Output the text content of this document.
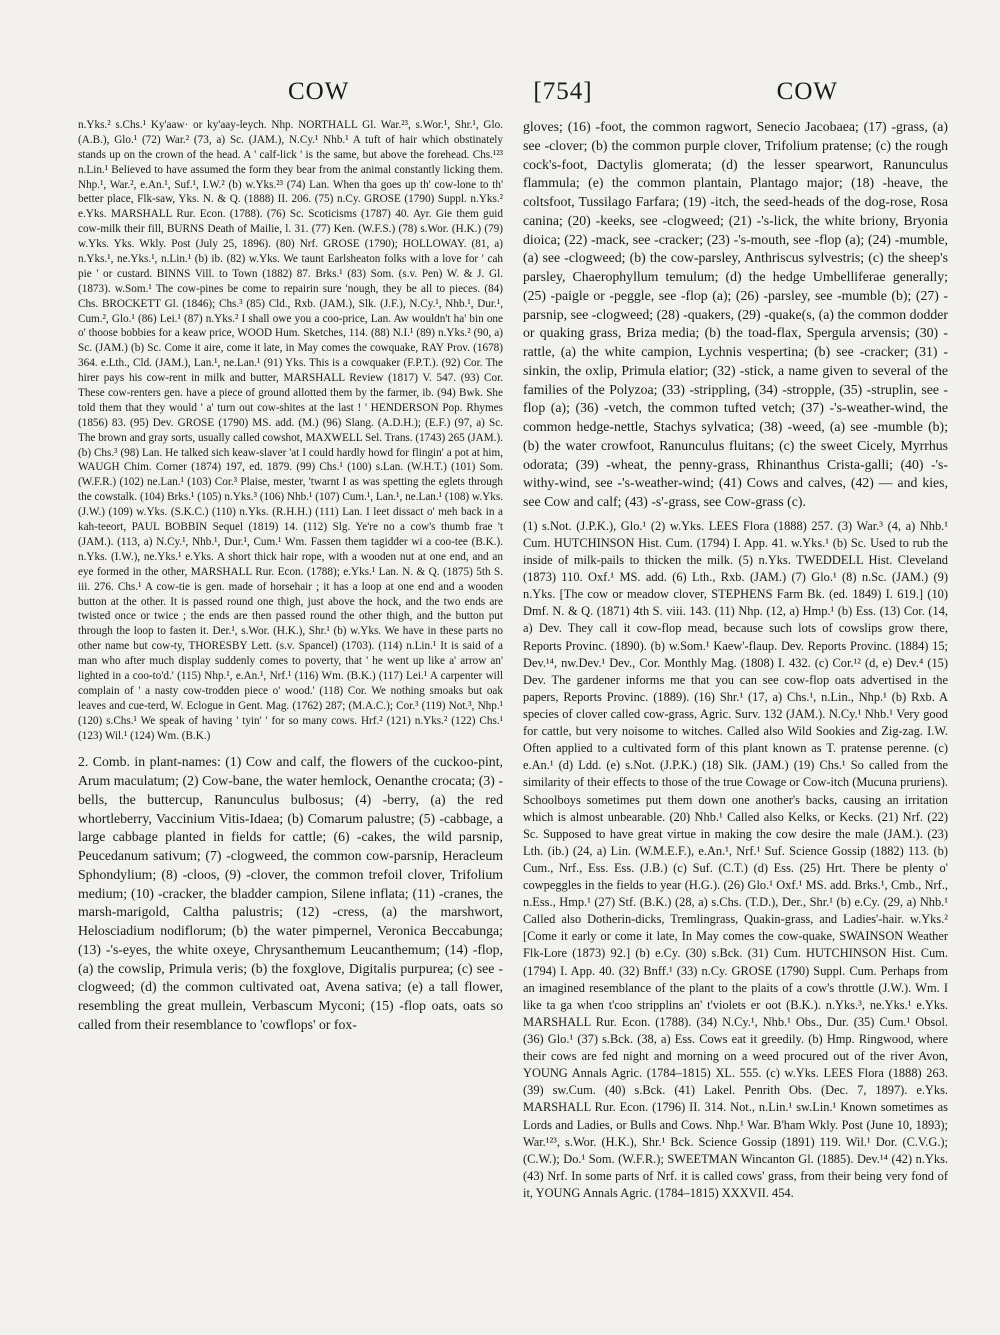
COW	[754]	COW

n.Yks.² s.Chs.¹ Ky'aaw· or ky'aay-leych. Nhp. NORTHALL Gl. War.²³, s.Wor.¹, Shr.¹, Glo. (A.B.), Glo.¹ (72) War.² (73, a) Sc. (JAM.), N.Cy.¹ Nhb.¹ A tuft of hair which obstinately stands up on the crown of the head. A ' calf-lick ' is the same, but above the forehead. Chs.¹²³ n.Lin.¹ Believed to have assumed the form they bear from the animal constantly licking them. Nhp.¹, War.², e.An.¹, Suf.¹, I.W.² (b) w.Yks.²³ (74) Lan. When tha goes up th' cow-lone to th' better place, Flk-saw, Yks. N. & Q. (1888) II. 206. (75) n.Cy. GROSE (1790) Suppl. n.Yks.² e.Yks. MARSHALL Rur. Econ. (1788). (76) Sc. Scoticisms (1787) 40. Ayr. Gie them guid cow-milk their fill, BURNS Death of Mailie, l. 31. (77) Ken. (W.F.S.) (78) s.Wor. (H.K.) (79) w.Yks. Yks. Wkly. Post (July 25, 1896). (80) Nrf. GROSE (1790); HOLLOWAY. (81, a) n.Yks.¹, ne.Yks.¹, n.Lin.¹ (b) ib. (82) w.Yks. We taunt Earlsheaton folks with a love for ' cah pie ' or custard. BINNS Vill. to Town (1882) 87. Brks.¹ (83) Som. (s.v. Pen) W. & J. Gl. (1873). w.Som.¹ The cow-pines be come to repairin sure 'nough, they be all to pieces. (84) Chs. BROCKETT Gl. (1846); Chs.³ (85) Cld., Rxb. (JAM.), Slk. (J.F.), N.Cy.¹, Nhb.¹, Dur.¹, Cum.², Glo.¹ (86) Lei.¹ (87) n.Yks.² I shall owe you a coo-price, Lan. Aw wouldn't ha' bin one o' thoose bobbies for a keaw price, WOOD Hum. Sketches, 114. (88) N.I.¹ (89) n.Yks.² (90, a) Sc. (JAM.) (b) Sc. Come it aire, come it late, in May comes the cowquake, RAY Prov. (1678) 364. e.Lth., Cld. (JAM.), Lan.¹, ne.Lan.¹ (91) Yks. This is a cowquaker (F.P.T.). (92) Cor. The hirer pays his cow-rent in milk and butter, MARSHALL Review (1817) V. 547. (93) Cor. These cow-renters gen. have a piece of ground allotted them by the farmer, ib. (94) Bwk. She told them that they would ' a' turn out cow-shites at the last ! ' HENDERSON Pop. Rhymes (1856) 83. (95) Dev. GROSE (1790) MS. add. (M.) (96) Slang. (A.D.H.); (E.F.) (97, a) Sc. The brown and gray sorts, usually called cowshot, MAXWELL Sel. Trans. (1743) 265 (JAM.). (b) Chs.³ (98) Lan. He talked sich keaw-slaver 'at I could hardly howd for flingin' a pot at him, WAUGH Chim. Corner (1874) 197, ed. 1879. (99) Chs.¹ (100) s.Lan. (W.H.T.) (101) Som. (W.F.R.) (102) ne.Lan.¹ (103) Cor.³ Plaise, mester, 'twarnt I as was spetting the eglets through the cowstalk. (104) Brks.¹ (105) n.Yks.³ (106) Nhb.¹ (107) Cum.¹, Lan.¹, ne.Lan.¹ (108) w.Yks. (J.W.) (109) w.Yks. (S.K.C.) (110) n.Yks. (R.H.H.) (111) Lan. I leet dissact o' meh back in a kah-teeort, PAUL BOBBIN Sequel (1819) 14. (112) Slg. Ye're no a cow's thumb frae 't (JAM.). (113, a) N.Cy.¹, Nhb.¹, Dur.¹, Cum.¹ Wm. Fassen them tagidder wi a coo-tee (B.K.). n.Yks. (I.W.), ne.Yks.¹ e.Yks. A short thick hair rope, with a wooden nut at one end, and an eye formed in the other, MARSHALL Rur. Econ. (1788); e.Yks.¹ Lan. N. & Q. (1875) 5th S. iii. 276. Chs.¹ A cow-tie is gen. made of horsehair ; it has a loop at one end and a wooden button at the other. It is passed round one thigh, just above the hock, and the two ends are twisted once or twice ; the ends are then passed round the other thigh, and the button put through the loop to fasten it. Der.¹, s.Wor. (H.K.), Shr.¹ (b) w.Yks. We have in these parts no other name but cow-ty, THORESBY Lett. (s.v. Spancel) (1703). (114) n.Lin.¹ It is said of a man who after much display suddenly comes to poverty, that ' he went up like a' arrow an' lighted in a coo-to'd.' (115) Nhp.¹, e.An.¹, Nrf.¹ (116) Wm. (B.K.) (117) Lei.¹ A carpenter will complain of ' a nasty cow-trodden piece o' wood.' (118) Cor. We nothing smoaks but oak leaves and cue-terd, W. Eclogue in Gent. Mag. (1762) 287; (M.A.C.); Cor.³ (119) Not.³, Nhp.¹ (120) s.Chs.¹ We speak of having ' tyin' ' for so many cows. Hrf.² (121) n.Yks.² (122) Chs.¹ (123) Wil.¹ (124) Wm. (B.K.)

2. Comb. in plant-names: (1) Cow and calf, the flowers of the cuckoo-pint, Arum maculatum; (2) Cow-bane, the water hemlock, Oenanthe crocata; (3) -bells, the buttercup, Ranunculus bulbosus; (4) -berry, (a) the red whortleberry, Vaccinium Vitis-Idaea; (b) Comarum palustre; (5) -cabbage, a large cabbage planted in fields for cattle; (6) -cakes, the wild parsnip, Peucedanum sativum; (7) -clogweed, the common cow-parsnip, Heracleum Sphondylium; (8) -cloos, (9) -clover, the common trefoil clover, Trifolium medium; (10) -cracker, the bladder campion, Silene inflata; (11) -cranes, the marsh-marigold, Caltha palustris; (12) -cress, (a) the marshwort, Helosciadium nodiflorum; (b) the water pimpernel, Veronica Beccabunga; (13) -'s-eyes, the white oxeye, Chrysanthemum Leucanthemum; (14) -flop, (a) the cowslip, Primula veris; (b) the foxglove, Digitalis purpurea; (c) see -clogweed; (d) the common cultivated oat, Avena sativa; (e) a tall flower, resembling the great mullein, Verbascum Myconi; (15) -flop oats, oats so called from their resemblance to 'cowflops' or fox-

gloves; (16) -foot, the common ragwort, Senecio Jacobaea; (17) -grass, (a) see -clover; (b) the common purple clover, Trifolium pratense; (c) the rough cock's-foot, Dactylis glomerata; (d) the lesser spearwort, Ranunculus flammula; (e) the common plantain, Plantago major; (18) -heave, the coltsfoot, Tussilago Farfara; (19) -itch, the seed-heads of the dog-rose, Rosa canina; (20) -keeks, see -clogweed; (21) -'s-lick, the white briony, Bryonia dioica; (22) -mack, see -cracker; (23) -'s-mouth, see -flop (a); (24) -mumble, (a) see -clogweed; (b) the cow-parsley, Anthriscus sylvestris; (c) the sheep's parsley, Chaerophyllum temulum; (d) the hedge Umbelliferae generally; (25) -paigle or -peggle, see -flop (a); (26) -parsley, see -mumble (b); (27) -parsnip, see -clogweed; (28) -quakers, (29) -quake(s, (a) the common dodder or quaking grass, Briza media; (b) the toad-flax, Spergula arvensis; (30) -rattle, (a) the white campion, Lychnis vespertina; (b) see -cracker; (31) -sinkin, the oxlip, Primula elatior; (32) -stick, a name given to several of the families of the Polyzoa; (33) -strippling, (34) -stropple, (35) -struplin, see -flop (a); (36) -vetch, the common tufted vetch; (37) -'s-weather-wind, the common hedge-nettle, Stachys sylvatica; (38) -weed, (a) see -mumble (b); (b) the water crowfoot, Ranunculus fluitans; (c) the sweet Cicely, Myrrhus odorata; (39) -wheat, the penny-grass, Rhinanthus Crista-galli; (40) -'s-withy-wind, see -'s-weather-wind; (41) Cows and calves, (42) — and kies, see Cow and calf; (43) -s'-grass, see Cow-grass (c).

(1) s.Not. (J.P.K.), Glo.¹ (2) w.Yks. LEES Flora (1888) 257. (3) War.³ (4, a) Nhb.¹ Cum. HUTCHINSON Hist. Cum. (1794) I. App. 41. w.Yks.¹ (b) Sc. Used to rub the inside of milk-pails to thicken the milk. (5) n.Yks. TWEDDELL Hist. Cleveland (1873) 110. Oxf.¹ MS. add. (6) Lth., Rxb. (JAM.) (7) Glo.¹ (8) n.Sc. (JAM.) (9) n.Yks. [The cow or meadow clover, STEPHENS Farm Bk. (ed. 1849) I. 619.] (10) Dmf. N. & Q. (1871) 4th S. viii. 143. (11) Nhp. (12, a) Hmp.¹ (b) Ess. (13) Cor. (14, a) Dev. They call it cow-flop mead, because such lots of cowslips grow there, Reports Provinc. (1890). (b) w.Som.¹ Kaew'-flaup. Dev. Reports Provinc. (1884) 15; Dev.¹⁴, nw.Dev.¹ Dev., Cor. Monthly Mag. (1808) I. 432. (c) Cor.¹² (d, e) Dev.⁴ (15) Dev. The gardener informs me that you can see cow-flop oats advertised in the papers, Reports Provinc. (1889). (16) Shr.¹ (17, a) Chs.¹, n.Lin., Nhp.¹ (b) Rxb. A species of clover called cow-grass, Agric. Surv. 132 (JAM.). N.Cy.¹ Nhb.¹ Very good for cattle, but very noisome to witches. Called also Wild Sookies and Zig-zag. I.W. Often applied to a cultivated form of this plant known as T. pratense perenne. (c) e.An.¹ (d) Ldd. (e) s.Not. (J.P.K.) (18) Slk. (JAM.) (19) Chs.¹ So called from the similarity of their effects to those of the true Cowage or Cow-itch (Mucuna pruriens). Schoolboys sometimes put them down one another's backs, causing an irritation which is almost unbearable. (20) Nhb.¹ Called also Kelks, or Kecks. (21) Nrf. (22) Sc. Supposed to have great virtue in making the cow desire the male (JAM.). (23) Lth. (ib.) (24, a) Lin. (W.M.E.F.), e.An.¹, Nrf.¹ Suf. Science Gossip (1882) 113. (b) Cum., Nrf., Ess. Ess. (J.B.) (c) Suf. (C.T.) (d) Ess. (25) Hrt. There be plenty o' cowpeggles in the fields to year (H.G.). (26) Glo.¹ Oxf.¹ MS. add. Brks.¹, Cmb., Nrf., n.Ess., Hmp.¹ (27) Stf. (B.K.) (28, a) s.Chs. (T.D.), Der., Shr.¹ (b) e.Cy. (29, a) Nhb.¹ Called also Dotherin-dicks, Tremlingrass, Quakin-grass, and Ladies'-hair. w.Yks.² [Come it early or come it late, In May comes the cow-quake, SWAINSON Weather Flk-Lore (1873) 92.] (b) e.Cy. (30) s.Bck. (31) Cum. HUTCHINSON Hist. Cum. (1794) I. App. 40. (32) Bnff.¹ (33) n.Cy. GROSE (1790) Suppl. Cum. Perhaps from an imagined resemblance of the plant to the plaits of a cow's throttle (J.W.). Wm. I like ta ga when t'coo stripplins an' t'violets er oot (B.K.). n.Yks.³, ne.Yks.¹ e.Yks. MARSHALL Rur. Econ. (1788). (34) N.Cy.¹, Nhb.¹ Obs., Dur. (35) Cum.¹ Obsol. (36) Glo.¹ (37) s.Bck. (38, a) Ess. Cows eat it greedily. (b) Hmp. Ringwood, where their cows are fed night and morning on a weed procured out of the river Avon, YOUNG Annals Agric. (1784–1815) XL. 555. (c) w.Yks. LEES Flora (1888) 263. (39) sw.Cum. (40) s.Bck. (41) Lakel. Penrith Obs. (Dec. 7, 1897). e.Yks. MARSHALL Rur. Econ. (1796) II. 314. Not., n.Lin.¹ sw.Lin.¹ Known sometimes as Lords and Ladies, or Bulls and Cows. Nhp.¹ War. B'ham Wkly. Post (June 10, 1893); War.¹²³, s.Wor. (H.K.), Shr.¹ Bck. Science Gossip (1891) 119. Wil.¹ Dor. (C.V.G.); (C.W.); Do.¹ Som. (W.F.R.); SWEETMAN Wincanton Gl. (1885). Dev.¹⁴ (42) n.Yks. (43) Nrf. In some parts of Nrf. it is called cows' grass, from their being very fond of it, YOUNG Annals Agric. (1784–1815) XXXVII. 454.
